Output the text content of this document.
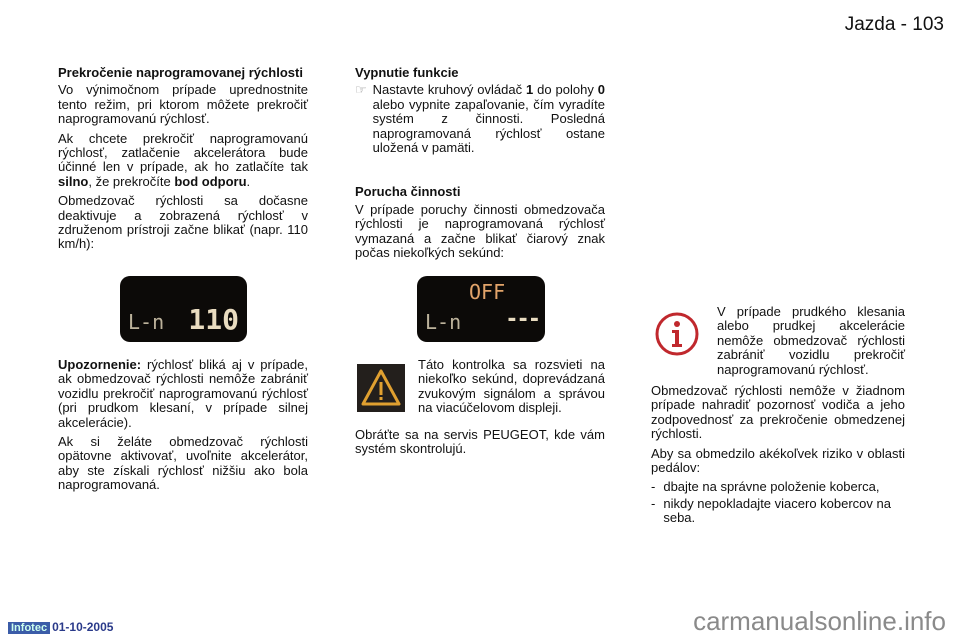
Jazda - 103
Prekročenie naprogramovanej rýchlosti

Vo výnimočnom prípade uprednostnite tento režim, pri ktorom môžete prekročiť naprogramovanú rýchlosť.

Ak chcete prekročiť naprogramovanú rýchlosť, zatlačenie akcelerátora bude účinné len v prípade, ak ho zatlačíte tak silno, že prekročíte bod odporu.

Obmedzovač rýchlosti sa dočasne deaktivuje a zobrazená rýchlosť v združenom prístroji začne blikať (napr. 110 km/h):

L-n 110

Upozornenie: rýchlosť bliká aj v prípade, ak obmedzovač rýchlosti nemôže zabrániť vozidlu prekročiť naprogramovanú rýchlosť (pri prudkom klesaní, v prípade silnej akcelerácie).

Ak si želáte obmedzovač rýchlosti opätovne aktivovať, uvoľnite akcelerátor, aby ste získali rýchlosť nižšiu ako bola naprogramovaná.

Vypnutie funkcie
☞ Nastavte kruhový ovládač 1 do polohy 0 alebo vypnite zapaľovanie, čím vyradíte systém z činnosti. Posledná naprogramovaná rýchlosť ostane uložená v pamäti.
Porucha činnosti

V prípade poruchy činnosti obmedzovača rýchlosti je naprogramovaná rýchlosť vymazaná a začne blikať čiarový znak počas niekoľkých sekúnd:

OFF
L-n ---
Táto kontrolka sa rozsvieti na niekoľko sekúnd, doprevádzaná zvukovým signálom a správou na viacúčelovom displeji.
Obráťte sa na servis PEUGEOT, kde vám systém skontrolujú.
V prípade prudkého klesania alebo prudkej akcelerácie nemôže obmedzovač rýchlosti zabrániť vozidlu prekročiť naprogramovanú rýchlosť.

Obmedzovač rýchlosti nemôže v žiadnom prípade nahradiť pozornosť vodiča a jeho zodpovednosť za prekročenie obmedzenej rýchlosti.

Aby sa obmedzilo akékoľvek riziko v oblasti pedálov:

- dbajte na správne položenie koberca,
- nikdy nepokladajte viacero kobercov na seba.
Infotec 01-10-2005	carmanualsonline.info
